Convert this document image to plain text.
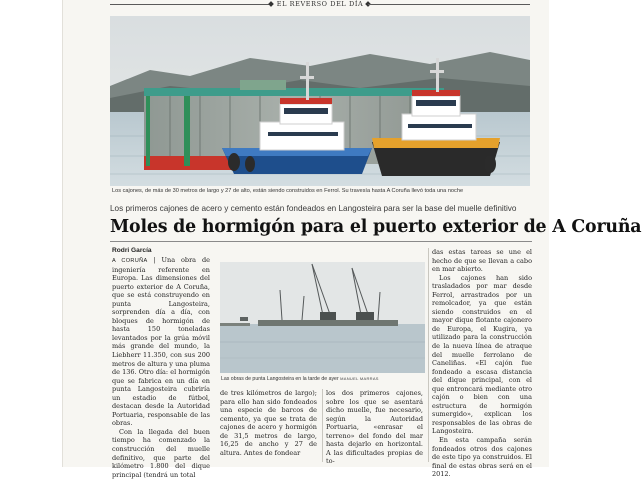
EL REVERSO DEL DÍA
Los cajones, de más de 30 metros de largo y 27 de alto, están siendo construidos en Ferrol. Su travesía hasta A Coruña llevó toda una noche
Los primeros cajones de acero y cemento están fondeados en Langosteira para ser la base del muelle definitivo
Moles de hormigón para el puerto exterior de A Coruña
Rodri García

A CORUÑA | Una obra de ingeniería referente en Europa. Las dimensiones del puerto exterior de A Coruña, que se está construyendo en punta Langosteira, sorprenden día a día, con bloques de hormigón de hasta 150 toneladas levantados por la grúa móvil más grande del mundo, la Liebherr 11.350, con sus 200 metros de altura y una pluma de 136. Otro día: el hormigón que se fabrica en un día en punta Langosteira cubriría un estadio de fútbol, destacan desde la Autoridad Portuaria, responsable de las obras.

Con la llegada del buen tiempo ha comenzado la construcción del muelle definitivo, que parte del kilómetro 1.800 del dique principal (tendrá un total

Las obras de punta Langosteira en la tarde de ayer MANUEL MARRAS

de tres kilómetros de largo); para ello han sido fondeados una especie de barcos de cemento, ya que se trata de cajones de acero y hormigón de 31,5 metros de largo, 16,25 de ancho y 27 de altura. Antes de fondear

los dos primeros cajones, sobre los que se asentará dicho muelle, fue necesario, según la Autoridad Portuaria, «enrasar el terreno» del fondo del mar hasta dejarlo en horizontal. A las dificultades propias de to-

das estas tareas se une el hecho de que se llevan a cabo en mar abierto.

Los cajones han sido trasladados por mar desde Ferrol, arrastrados por un remolcador, ya que están siendo construidos en el mayor dique flotante cajonero de Europa, el Kugira, ya utilizado para la construcción de la nueva línea de atraque del muelle ferrolano de Caneliñas. «El cajón fue fondeado a escasa distancia del dique principal, con el que entroncará mediante otro cajón o bien con una estructura de hormigón sumergido», explican los responsables de las obras de Langosteira.

En esta campaña serán fondeados otros dos cajones de este tipo ya construidos. El final de estas obras será en el 2012.
